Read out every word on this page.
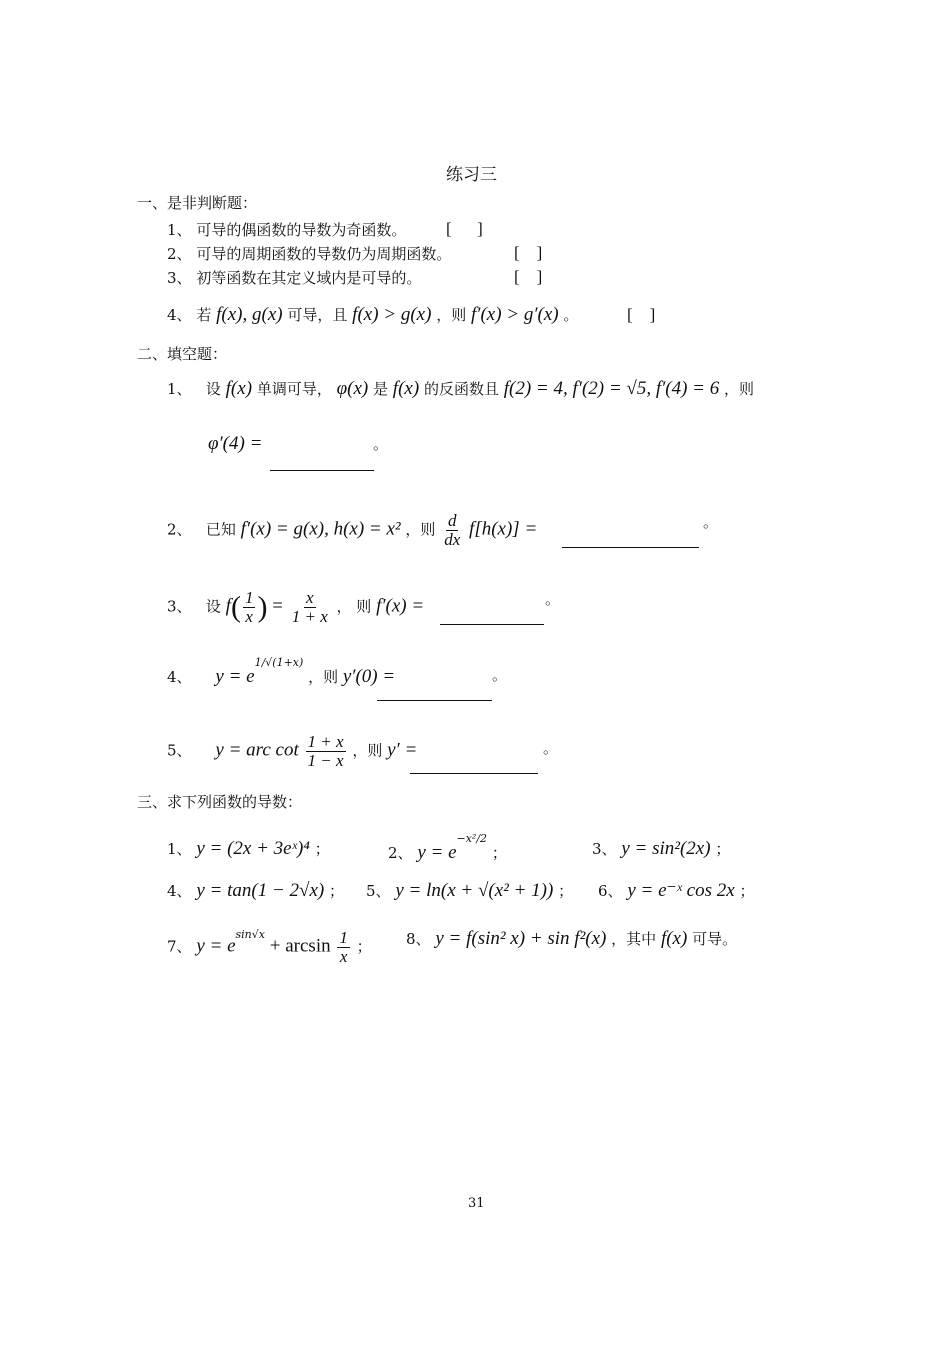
练习三
一、是非判断题：
1、 可导的偶函数的导数为奇函数。 [      ]
2、 可导的周期函数的导数仍为周期函数。	[    ]
3、 初等函数在其定义域内是可导的。	[    ]
4、 若 f(x), g(x) 可导，且 f(x) > g(x) ，则 f′(x) > g′(x) 。	[    ]
二、填空题：
1、 设 f(x) 单调可导， φ(x) 是 f(x) 的反函数且 f(2) = 4, f′(2) = √5, f′(4) = 6 ，则
φ′(4) =	。
2、 已知 f′(x) = g(x), h(x) = x² ，则 $\frac{d}{dx} f[h(x)]$ =	。
3、 设 $f( \frac{1}{x}$ ) = $\frac{x}{1 + x}$ ， 则 f′(x) =	。
4、 $y = e^{1/√(1+x)}$ ，则 y′(0) =	。
5、 y = arc $\cot \frac{1 + x}{1 - x}$ ，则 y′ =	。
三、求下列函数的导数：
1、 y = (2x + 3eˣ)⁴ ；	2、 $y = e^{-x^2/2}$ ；	3、 y = sin²(2x) ；
4、 y = tan(1 − 2√x) ； 5、 y = ln(x + √(x² + 1)) ； 6、 y = e⁻ˣ cos 2x ；
7、 $y = e^{sin√x} + \arcsin \frac{1}{x}$ ； 8、 y = f(sin² x) + sin f²(x) ，其中 f(x) 可导。
31
